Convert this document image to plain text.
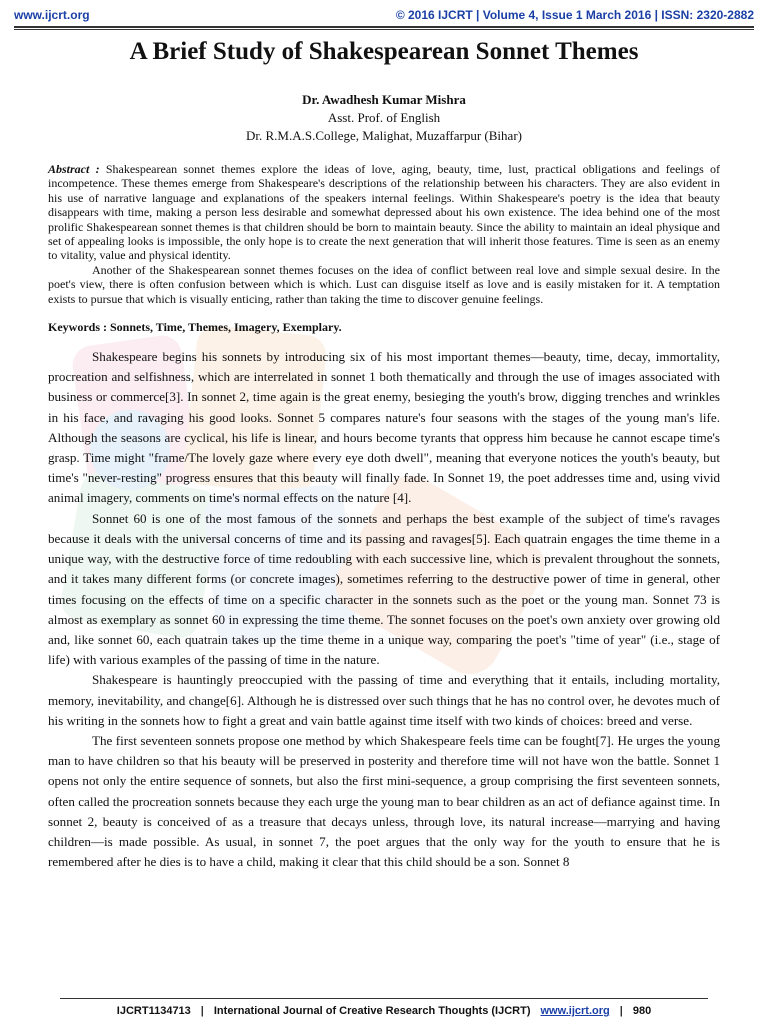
www.ijcrt.org	© 2016 IJCRT | Volume 4, Issue 1 March 2016 | ISSN: 2320-2882
A Brief Study of Shakespearean Sonnet Themes
Dr. Awadhesh Kumar Mishra
Asst. Prof. of English
Dr. R.M.A.S.College, Malighat, Muzaffarpur (Bihar)

Abstract : Shakespearean sonnet themes explore the ideas of love, aging, beauty, time, lust, practical obligations and feelings of incompetence. These themes emerge from Shakespeare's descriptions of the relationship between his characters. They are also evident in his use of narrative language and explanations of the speakers internal feelings. Within Shakespeare's poetry is the idea that beauty disappears with time, making a person less desirable and somewhat depressed about his own existence. The idea behind one of the most prolific Shakespearean sonnet themes is that children should be born to maintain beauty. Since the ability to maintain an ideal physique and set of appealing looks is impossible, the only hope is to create the next generation that will inherit those features. Time is seen as an enemy to vitality, value and physical identity.

Another of the Shakespearean sonnet themes focuses on the idea of conflict between real love and simple sexual desire. In the poet's view, there is often confusion between which is which. Lust can disguise itself as love and is easily mistaken for it. A temptation exists to pursue that which is visually enticing, rather than taking the time to discover genuine feelings.

Keywords : Sonnets, Time, Themes, Imagery, Exemplary.

Shakespeare begins his sonnets by introducing six of his most important themes—beauty, time, decay, immortality, procreation and selfishness, which are interrelated in sonnet 1 both thematically and through the use of images associated with business or commerce[3]. In sonnet 2, time again is the great enemy, besieging the youth's brow, digging trenches and wrinkles in his face, and ravaging his good looks. Sonnet 5 compares nature's four seasons with the stages of the young man's life. Although the seasons are cyclical, his life is linear, and hours become tyrants that oppress him because he cannot escape time's grasp. Time might "frame/The lovely gaze where every eye doth dwell", meaning that everyone notices the youth's beauty, but time's "never-resting" progress ensures that this beauty will finally fade. In Sonnet 19, the poet addresses time and, using vivid animal imagery, comments on time's normal effects on the nature [4].

Sonnet 60 is one of the most famous of the sonnets and perhaps the best example of the subject of time's ravages because it deals with the universal concerns of time and its passing and ravages[5]. Each quatrain engages the time theme in a unique way, with the destructive force of time redoubling with each successive line, which is prevalent throughout the sonnets, and it takes many different forms (or concrete images), sometimes referring to the destructive power of time in general, other times focusing on the effects of time on a specific character in the sonnets such as the poet or the young man. Sonnet 73 is almost as exemplary as sonnet 60 in expressing the time theme. The sonnet focuses on the poet's own anxiety over growing old and, like sonnet 60, each quatrain takes up the time theme in a unique way, comparing the poet's "time of year" (i.e., stage of life) with various examples of the passing of time in the nature.

Shakespeare is hauntingly preoccupied with the passing of time and everything that it entails, including mortality, memory, inevitability, and change[6]. Although he is distressed over such things that he has no control over, he devotes much of his writing in the sonnets how to fight a great and vain battle against time itself with two kinds of choices: breed and verse.

The first seventeen sonnets propose one method by which Shakespeare feels time can be fought[7]. He urges the young man to have children so that his beauty will be preserved in posterity and therefore time will not have won the battle. Sonnet 1 opens not only the entire sequence of sonnets, but also the first mini-sequence, a group comprising the first seventeen sonnets, often called the procreation sonnets because they each urge the young man to bear children as an act of defiance against time. In sonnet 2, beauty is conceived of as a treasure that decays unless, through love, its natural increase—marrying and having children—is made possible. As usual, in sonnet 7, the poet argues that the only way for the youth to ensure that he is remembered after he dies is to have a child, making it clear that this child should be a son. Sonnet 8

IJCRT1134713 | International Journal of Creative Research Thoughts (IJCRT) www.ijcrt.org | 980
